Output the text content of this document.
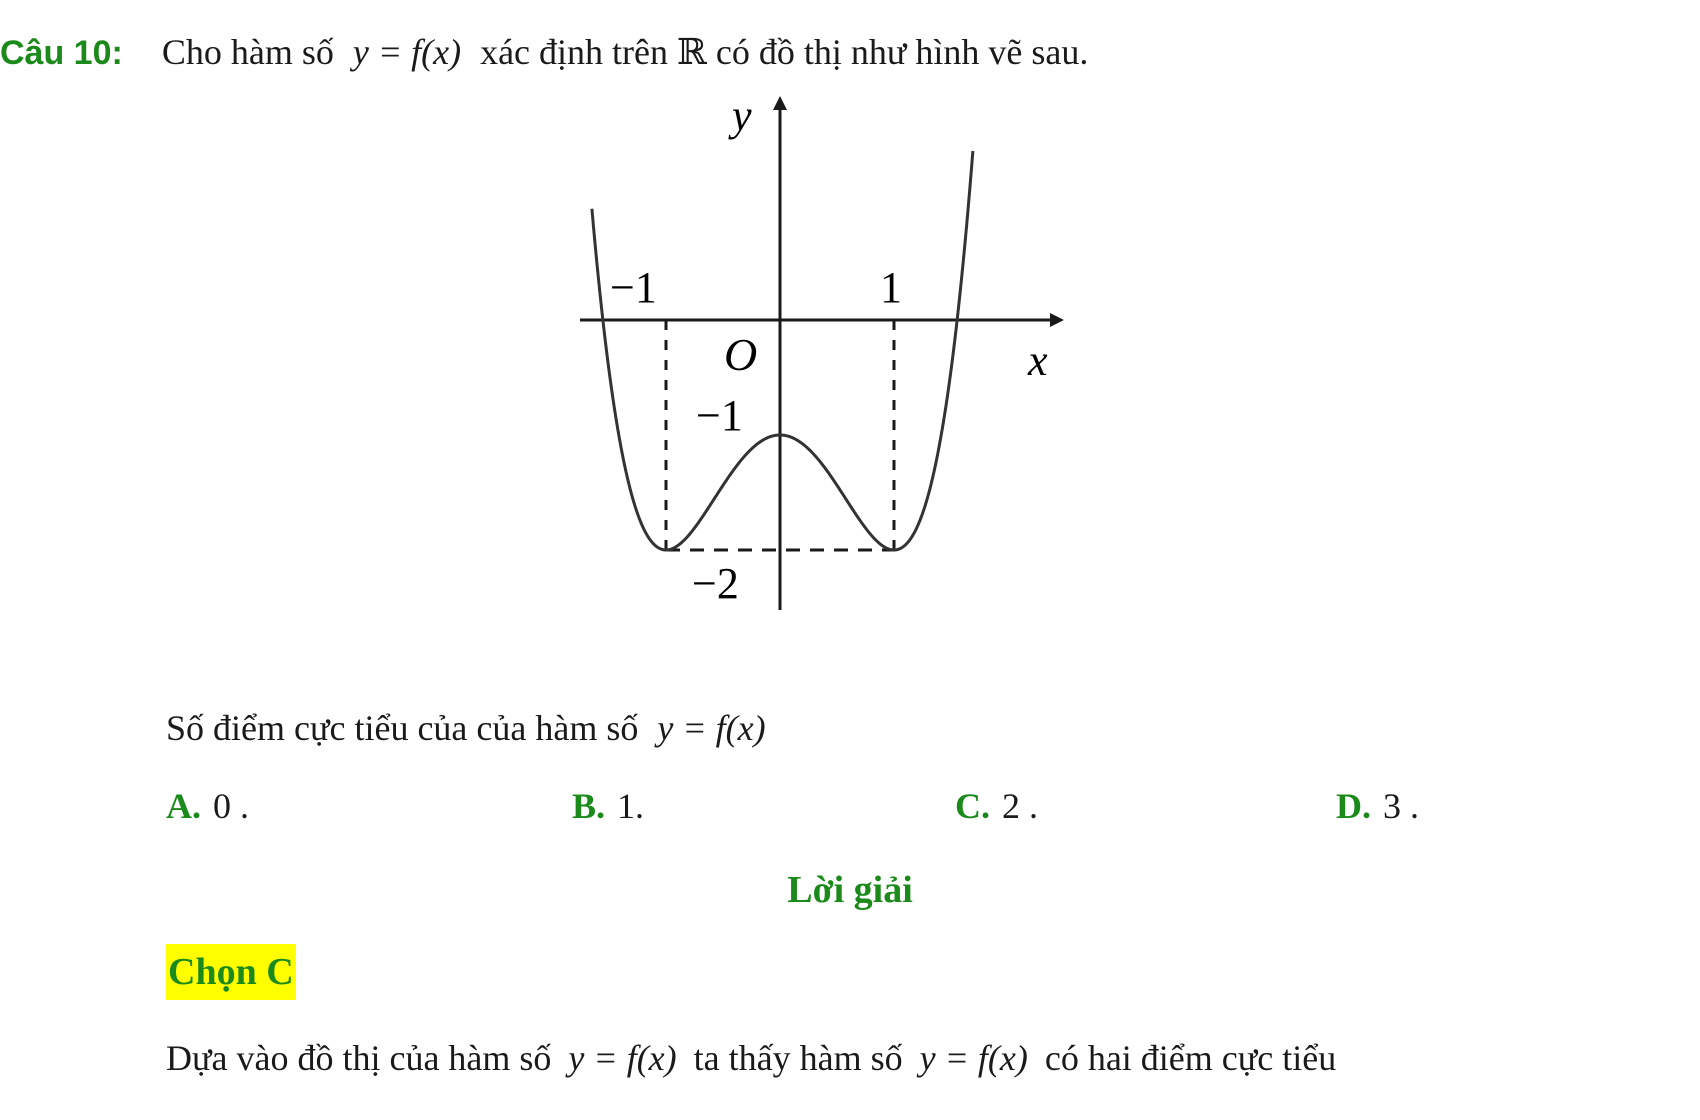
Câu 10: Cho hàm số y = f(x) xác định trên ℝ có đồ thị như hình vẽ sau.
y
x
O
−1	1
−1
−2
Số điểm cực tiểu của của hàm số y = f(x)
A. 0 .	B. 1.	C. 2 .	D. 3 .
Lời giải
Chọn C
Dựa vào đồ thị của hàm số y = f(x) ta thấy hàm số y = f(x) có hai điểm cực tiểu
